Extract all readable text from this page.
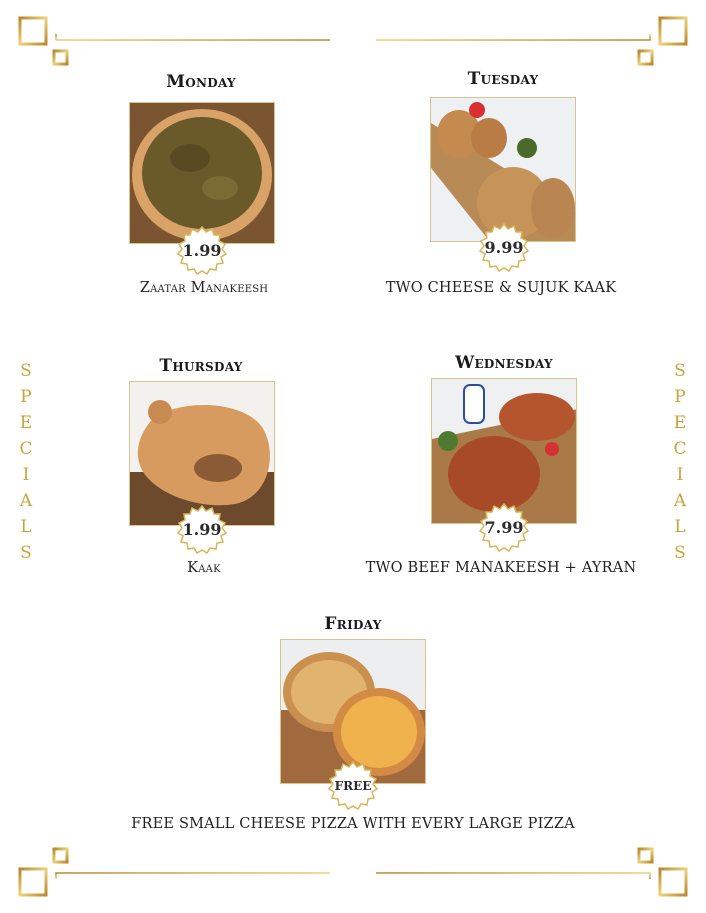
S
P
E
C
I
A
L
S
S
P
E
C
I
A
L
S
Monday
1.99
Zaatar Manakeesh
Tuesday
9.99
TWO CHEESE & SUJUK KAAK
Thursday
1.99
Kaak
Wednesday
7.99
TWO BEEF MANAKEESH + AYRAN
Friday
FREE
FREE SMALL CHEESE PIZZA WITH EVERY LARGE PIZZA
